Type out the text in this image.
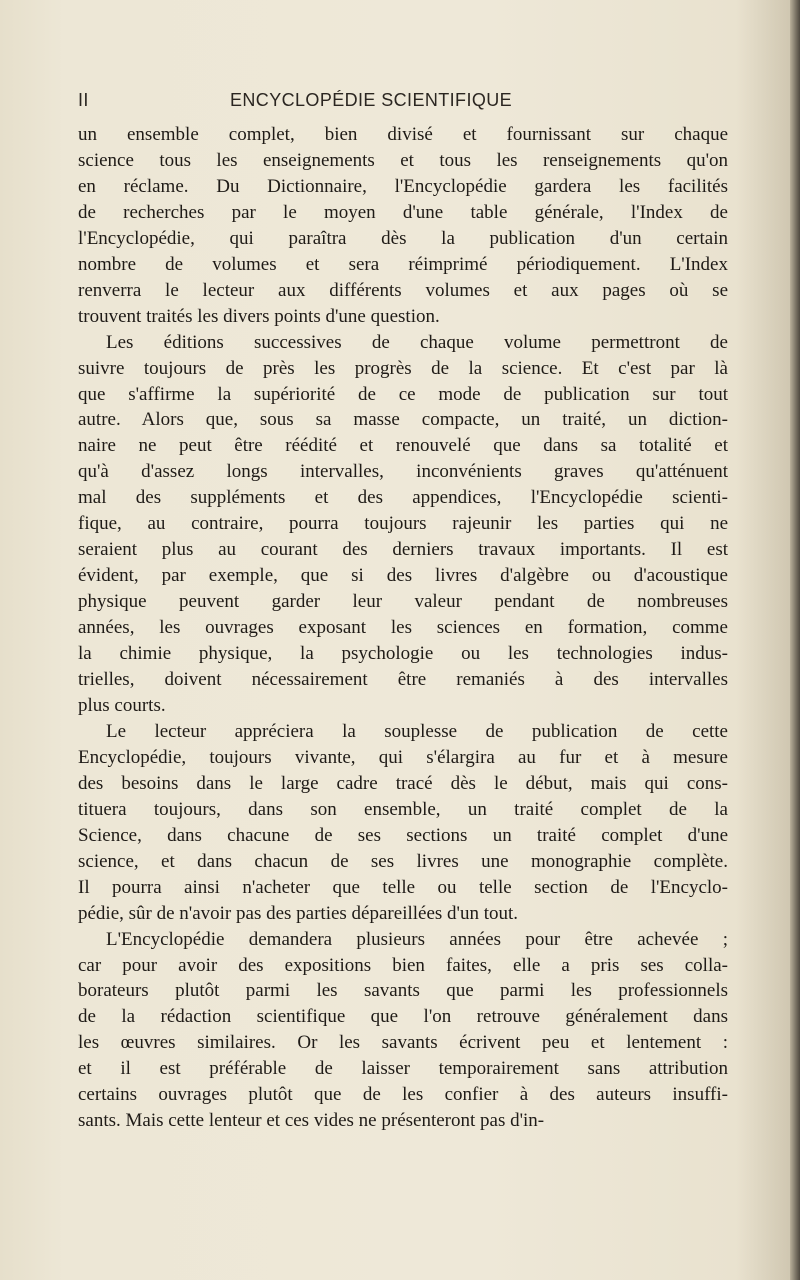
II	ENCYCLOPÉDIE SCIENTIFIQUE
un ensemble complet, bien divisé et fournissant sur chaque
science tous les enseignements et tous les renseignements qu'on
en réclame. Du Dictionnaire, l'Encyclopédie gardera les facilités
de recherches par le moyen d'une table générale, l'Index de
l'Encyclopédie, qui paraîtra dès la publication d'un certain
nombre de volumes et sera réimprimé périodiquement. L'Index
renverra le lecteur aux différents volumes et aux pages où se
trouvent traités les divers points d'une question.
Les éditions successives de chaque volume permettront de
suivre toujours de près les progrès de la science. Et c'est par là
que s'affirme la supériorité de ce mode de publication sur tout
autre. Alors que, sous sa masse compacte, un traité, un diction-
naire ne peut être réédité et renouvelé que dans sa totalité et
qu'à d'assez longs intervalles, inconvénients graves qu'atténuent
mal des suppléments et des appendices, l'Encyclopédie scienti-
fique, au contraire, pourra toujours rajeunir les parties qui ne
seraient plus au courant des derniers travaux importants. Il est
évident, par exemple, que si des livres d'algèbre ou d'acoustique
physique peuvent garder leur valeur pendant de nombreuses
années, les ouvrages exposant les sciences en formation, comme
la chimie physique, la psychologie ou les technologies indus-
trielles, doivent nécessairement être remaniés à des intervalles
plus courts.
Le lecteur appréciera la souplesse de publication de cette
Encyclopédie, toujours vivante, qui s'élargira au fur et à mesure
des besoins dans le large cadre tracé dès le début, mais qui cons-
tituera toujours, dans son ensemble, un traité complet de la
Science, dans chacune de ses sections un traité complet d'une
science, et dans chacun de ses livres une monographie complète.
Il pourra ainsi n'acheter que telle ou telle section de l'Encyclo-
pédie, sûr de n'avoir pas des parties dépareillées d'un tout.
L'Encyclopédie demandera plusieurs années pour être achevée ;
car pour avoir des expositions bien faites, elle a pris ses colla-
borateurs plutôt parmi les savants que parmi les professionnels
de la rédaction scientifique que l'on retrouve généralement dans
les œuvres similaires. Or les savants écrivent peu et lentement :
et il est préférable de laisser temporairement sans attribution
certains ouvrages plutôt que de les confier à des auteurs insuffi-
sants. Mais cette lenteur et ces vides ne présenteront pas d'in-
